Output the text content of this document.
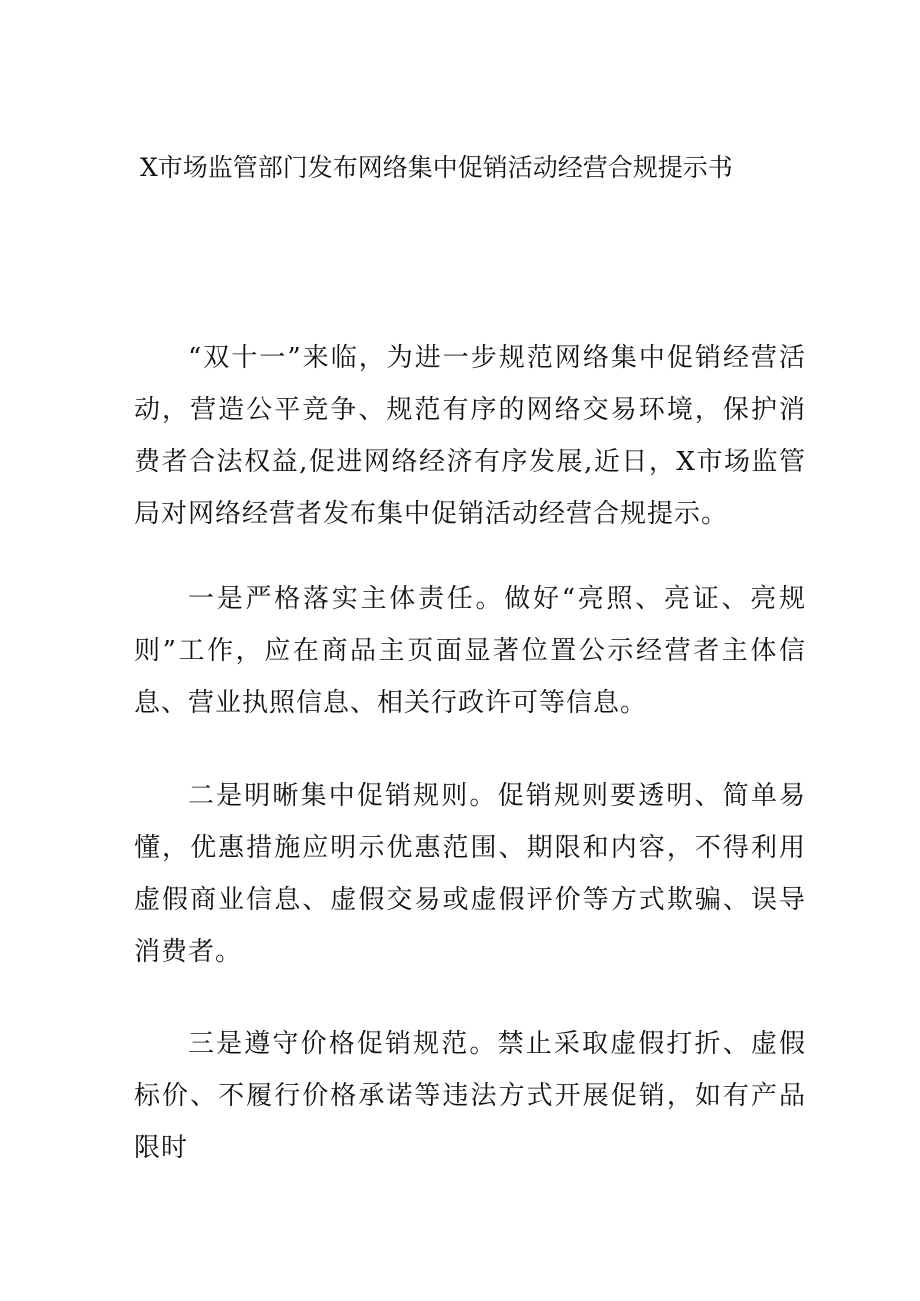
X市场监管部门发布网络集中促销活动经营合规提示书

“双十一”来临，为进一步规范网络集中促销经营活动，营造公平竞争、规范有序的网络交易环境，保护消费者合法权益,促进网络经济有序发展,近日，X市场监管局对网络经营者发布集中促销活动经营合规提示。

一是严格落实主体责任。做好“亮照、亮证、亮规则”工作，应在商品主页面显著位置公示经营者主体信息、营业执照信息、相关行政许可等信息。

二是明晰集中促销规则。促销规则要透明、简单易懂，优惠措施应明示优惠范围、期限和内容，不得利用虚假商业信息、虚假交易或虚假评价等方式欺骗、误导消费者。

三是遵守价格促销规范。禁止采取虚假打折、虚假标价、不履行价格承诺等违法方式开展促销，如有产品限时
